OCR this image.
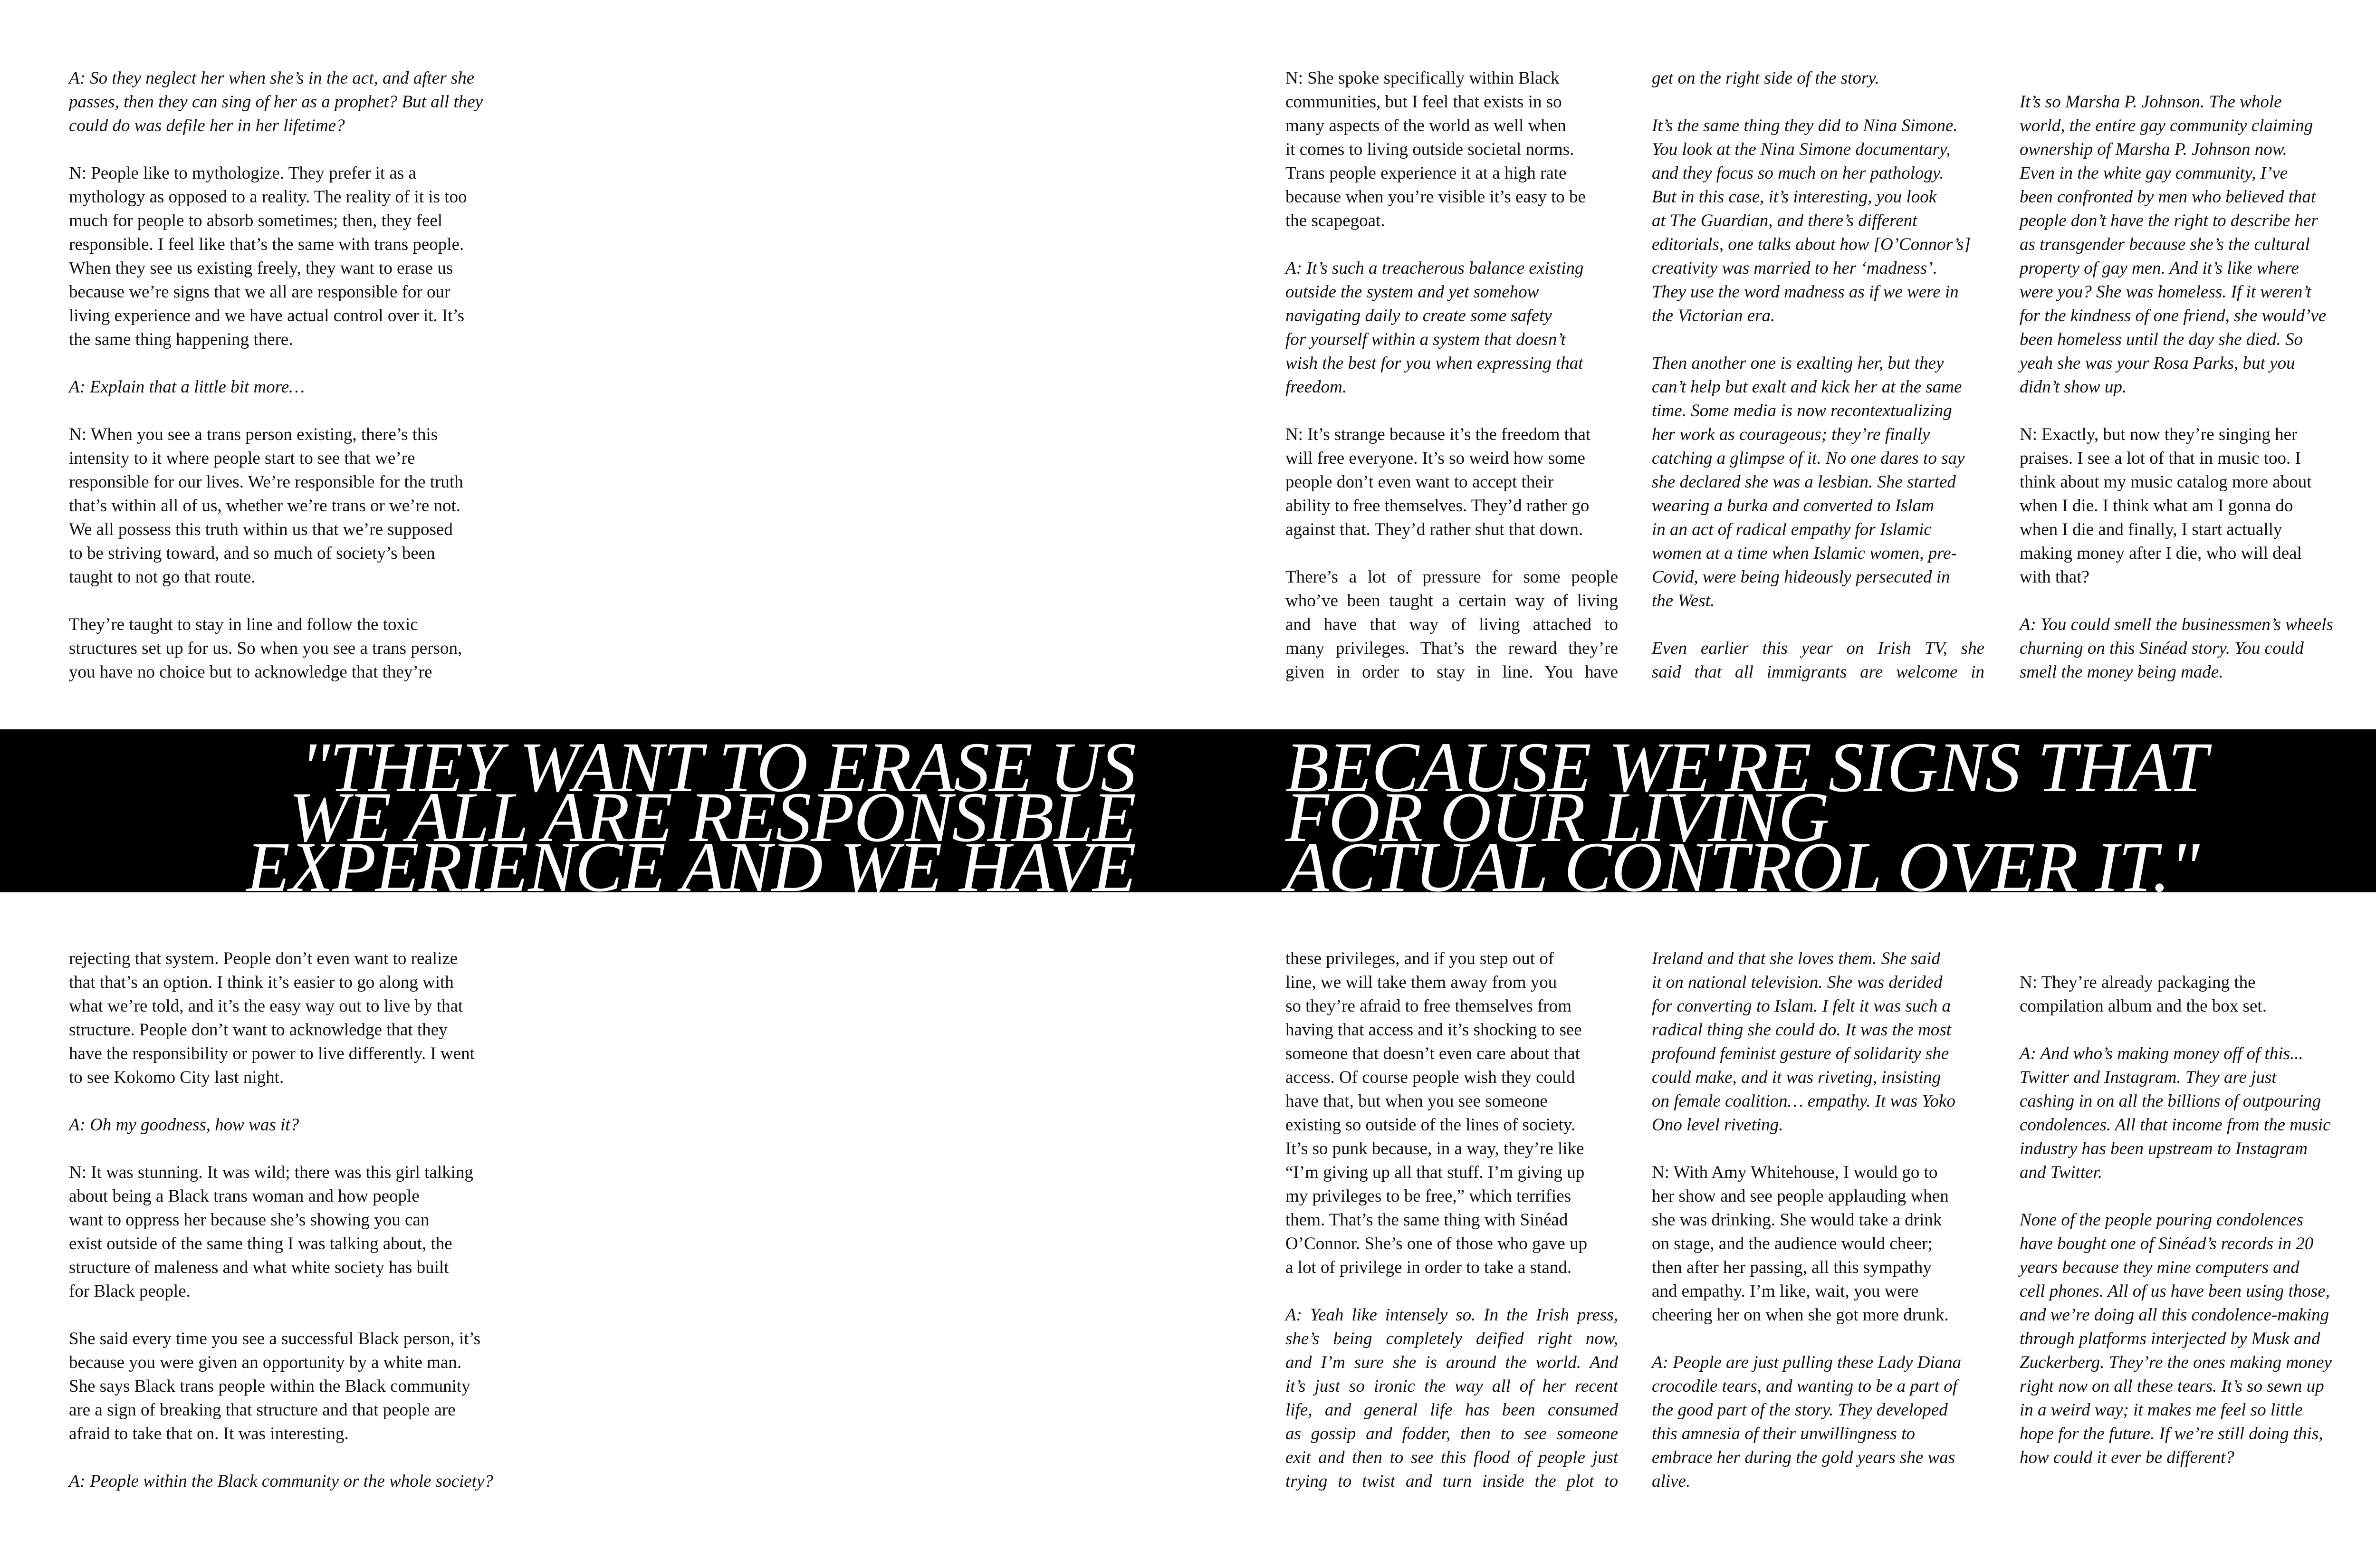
A: So they neglect her when she’s in the act, and after she
passes, then they can sing of her as a prophet? But all they
could do was defile her in her lifetime?

N: People like to mythologize. They prefer it as a
mythology as opposed to a reality. The reality of it is too
much for people to absorb sometimes; then, they feel
responsible. I feel like that’s the same with trans people.
When they see us existing freely, they want to erase us
because we’re signs that we all are responsible for our
living experience and we have actual control over it. It’s
the same thing happening there.

A: Explain that a little bit more…

N: When you see a trans person existing, there’s this
intensity to it where people start to see that we’re
responsible for our lives. We’re responsible for the truth
that’s within all of us, whether we’re trans or we’re not.
We all possess this truth within us that we’re supposed
to be striving toward, and so much of society’s been
taught to not go that route.

They’re taught to stay in line and follow the toxic
structures set up for us. So when you see a trans person,
you have no choice but to acknowledge that they’re

rejecting that system. People don’t even want to realize
that that’s an option. I think it’s easier to go along with
what we’re told, and it’s the easy way out to live by that
structure. People don’t want to acknowledge that they
have the responsibility or power to live differently. I went
to see Kokomo City last night.

A: Oh my goodness, how was it?

N: It was stunning. It was wild; there was this girl talking
about being a Black trans woman and how people
want to oppress her because she’s showing you can
exist outside of the same thing I was talking about, the
structure of maleness and what white society has built
for Black people.

She said every time you see a successful Black person, it’s
because you were given an opportunity by a white man.
She says Black trans people within the Black community
are a sign of breaking that structure and that people are
afraid to take that on. It was interesting.

A: People within the Black community or the whole society?

N: She spoke specifically within Black
communities, but I feel that exists in so
many aspects of the world as well when
it comes to living outside societal norms.
Trans people experience it at a high rate
because when you’re visible it’s easy to be
the scapegoat.

A: It’s such a treacherous balance existing
outside the system and yet somehow
navigating daily to create some safety
for yourself within a system that doesn’t
wish the best for you when expressing that
freedom.

N: It’s strange because it’s the freedom that
will free everyone. It’s so weird how some
people don’t even want to accept their
ability to free themselves. They’d rather go
against that. They’d rather shut that down.

There’s a lot of pressure for some people
who’ve been taught a certain way of living
and have that way of living attached to
many privileges. That’s the reward they’re
given in order to stay in line. You have

get on the right side of the story.

It’s the same thing they did to Nina Simone.
You look at the Nina Simone documentary,
and they focus so much on her pathology.
But in this case, it’s interesting, you look
at The Guardian, and there’s different
editorials, one talks about how [O’Connor’s]
creativity was married to her ‘madness’.
They use the word madness as if we were in
the Victorian era.

Then another one is exalting her, but they
can’t help but exalt and kick her at the same
time. Some media is now recontextualizing
her work as courageous; they’re finally
catching a glimpse of it. No one dares to say
she declared she was a lesbian. She started
wearing a burka and converted to Islam
in an act of radical empathy for Islamic
women at a time when Islamic women, pre-
Covid, were being hideously persecuted in
the West.

Even earlier this year on Irish TV, she
said that all immigrants are welcome in

It’s so Marsha P. Johnson. The whole
world, the entire gay community claiming
ownership of Marsha P. Johnson now.
Even in the white gay community, I’ve
been confronted by men who believed that
people don’t have the right to describe her
as transgender because she’s the cultural
property of gay men. And it’s like where
were you? She was homeless. If it weren’t
for the kindness of one friend, she would’ve
been homeless until the day she died. So
yeah she was your Rosa Parks, but you
didn’t show up.

N: Exactly, but now they’re singing her
praises. I see a lot of that in music too. I
think about my music catalog more about
when I die. I think what am I gonna do
when I die and finally, I start actually
making money after I die, who will deal
with that?

A: You could smell the businessmen’s wheels
churning on this Sinéad story. You could
smell the money being made.

"THEY WANT TO ERASE US
WE ALL ARE RESPONSIBLE
EXPERIENCE AND WE HAVE

BECAUSE WE'RE SIGNS THAT
FOR OUR LIVING
ACTUAL CONTROL OVER IT."

these privileges, and if you step out of
line, we will take them away from you
so they’re afraid to free themselves from
having that access and it’s shocking to see
someone that doesn’t even care about that
access. Of course people wish they could
have that, but when you see someone
existing so outside of the lines of society.
It’s so punk because, in a way, they’re like
“I’m giving up all that stuff. I’m giving up
my privileges to be free,” which terrifies
them. That’s the same thing with Sinéad
O’Connor. She’s one of those who gave up
a lot of privilege in order to take a stand.

A: Yeah like intensely so. In the Irish press,
she’s being completely deified right now,
and I’m sure she is around the world. And
it’s just so ironic the way all of her recent
life, and general life has been consumed
as gossip and fodder, then to see someone
exit and then to see this flood of people just
trying to twist and turn inside the plot to

Ireland and that she loves them. She said
it on national television. She was derided
for converting to Islam. I felt it was such a
radical thing she could do. It was the most
profound feminist gesture of solidarity she
could make, and it was riveting, insisting
on female coalition… empathy. It was Yoko
Ono level riveting.

N: With Amy Whitehouse, I would go to
her show and see people applauding when
she was drinking. She would take a drink
on stage, and the audience would cheer;
then after her passing, all this sympathy
and empathy. I’m like, wait, you were
cheering her on when she got more drunk.

A: People are just pulling these Lady Diana
crocodile tears, and wanting to be a part of
the good part of the story. They developed
this amnesia of their unwillingness to
embrace her during the gold years she was
alive.

N: They’re already packaging the
compilation album and the box set.

A: And who’s making money off of this...
Twitter and Instagram. They are just
cashing in on all the billions of outpouring
condolences. All that income from the music
industry has been upstream to Instagram
and Twitter.

None of the people pouring condolences
have bought one of Sinéad’s records in 20
years because they mine computers and
cell phones. All of us have been using those,
and we’re doing all this condolence-making
through platforms interjected by Musk and
Zuckerberg. They’re the ones making money
right now on all these tears. It’s so sewn up
in a weird way; it makes me feel so little
hope for the future. If we’re still doing this,
how could it ever be different?
